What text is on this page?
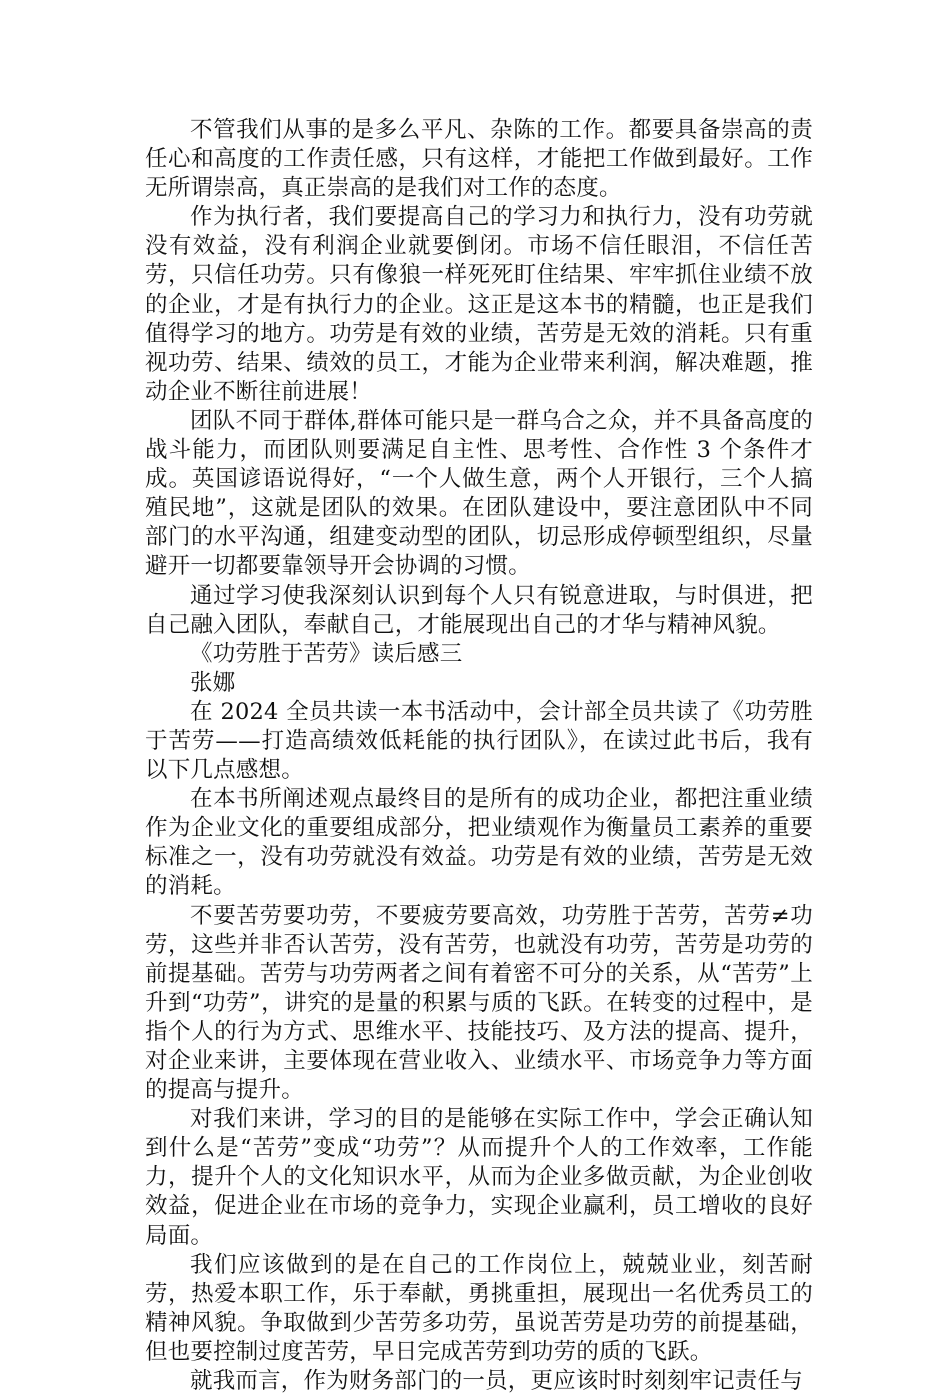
不管我们从事的是多么平凡、杂陈的工作。都要具备崇高的责任心和高度的工作责任感，只有这样，才能把工作做到最好。工作无所谓崇高，真正崇高的是我们对工作的态度。

作为执行者，我们要提高自己的学习力和执行力，没有功劳就没有效益，没有利润企业就要倒闭。市场不信任眼泪，不信任苦劳，只信任功劳。只有像狼一样死死盯住结果、牢牢抓住业绩不放的企业，才是有执行力的企业。这正是这本书的精髓，也正是我们值得学习的地方。功劳是有效的业绩，苦劳是无效的消耗。只有重视功劳、结果、绩效的员工，才能为企业带来利润，解决难题，推动企业不断往前进展！

团队不同于群体,群体可能只是一群乌合之众，并不具备高度的战斗能力，而团队则要满足自主性、思考性、合作性 3 个条件才成。英国谚语说得好，“一个人做生意，两个人开银行，三个人搞殖民地”，这就是团队的效果。在团队建设中，要注意团队中不同部门的水平沟通，组建变动型的团队，切忌形成停顿型组织，尽量避开一切都要靠领导开会协调的习惯。

通过学习使我深刻认识到每个人只有锐意进取，与时俱进，把自己融入团队，奉献自己，才能展现出自己的才华与精神风貌。

《功劳胜于苦劳》读后感三

张娜

在 2024 全员共读一本书活动中，会计部全员共读了《功劳胜于苦劳——打造高绩效低耗能的执行团队》，在读过此书后，我有以下几点感想。

在本书所阐述观点最终目的是所有的成功企业，都把注重业绩作为企业文化的重要组成部分，把业绩观作为衡量员工素养的重要标准之一，没有功劳就没有效益。功劳是有效的业绩，苦劳是无效的消耗。

不要苦劳要功劳，不要疲劳要高效，功劳胜于苦劳，苦劳≠功劳，这些并非否认苦劳，没有苦劳，也就没有功劳，苦劳是功劳的前提基础。苦劳与功劳两者之间有着密不可分的关系，从“苦劳”上升到“功劳”，讲究的是量的积累与质的飞跃。在转变的过程中，是指个人的行为方式、思维水平、技能技巧、及方法的提高、提升，对企业来讲，主要体现在营业收入、业绩水平、市场竞争力等方面的提高与提升。

对我们来讲，学习的目的是能够在实际工作中，学会正确认知到什么是“苦劳”变成“功劳”？从而提升个人的工作效率，工作能力，提升个人的文化知识水平，从而为企业多做贡献，为企业创收效益，促进企业在市场的竞争力，实现企业赢利，员工增收的良好局面。

我们应该做到的是在自己的工作岗位上，兢兢业业，刻苦耐劳，热爱本职工作，乐于奉献，勇挑重担，展现出一名优秀员工的精神风貌。争取做到少苦劳多功劳，虽说苦劳是功劳的前提基础，但也要控制过度苦劳，早日完成苦劳到功劳的质的飞跃。

就我而言，作为财务部门的一员，更应该时时刻刻牢记责任与
